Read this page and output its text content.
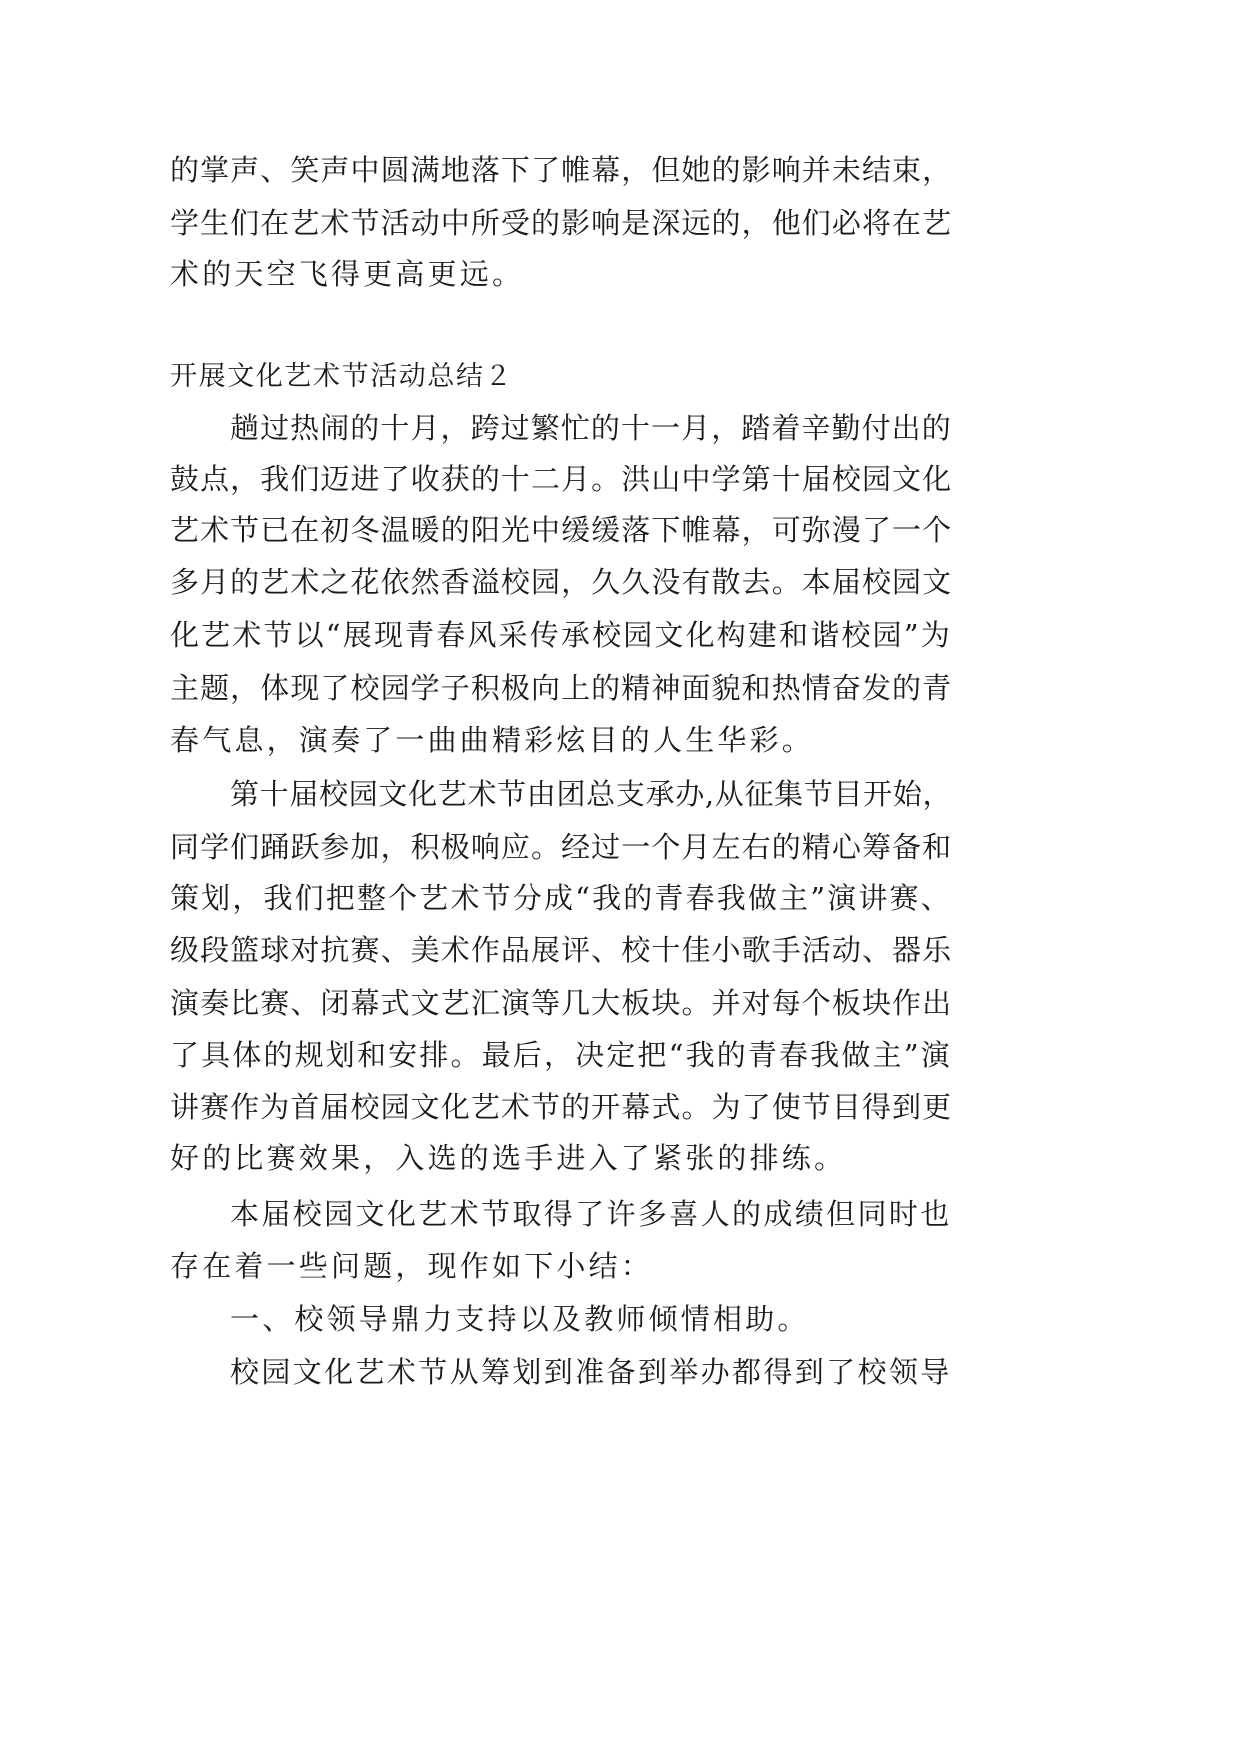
的掌声、笑声中圆满地落下了帷幕，但她的影响并未结束，
学生们在艺术节活动中所受的影响是深远的，他们必将在艺
术的天空飞得更高更远。
开展文化艺术节活动总结２
趟过热闹的十月，跨过繁忙的十一月，踏着辛勤付出的
鼓点，我们迈进了收获的十二月。洪山中学第十届校园文化
艺术节已在初冬温暖的阳光中缓缓落下帷幕，可弥漫了一个
多月的艺术之花依然香溢校园，久久没有散去。本届校园文
化艺术节以“展现青春风采传承校园文化构建和谐校园”为
主题，体现了校园学子积极向上的精神面貌和热情奋发的青
春气息，演奏了一曲曲精彩炫目的人生华彩。
第十届校园文化艺术节由团总支承办,从征集节目开始，
同学们踊跃参加，积极响应。经过一个月左右的精心筹备和
策划，我们把整个艺术节分成“我的青春我做主”演讲赛、
级段篮球对抗赛、美术作品展评、校十佳小歌手活动、器乐
演奏比赛、闭幕式文艺汇演等几大板块。并对每个板块作出
了具体的规划和安排。最后，决定把“我的青春我做主”演
讲赛作为首届校园文化艺术节的开幕式。为了使节目得到更
好的比赛效果，入选的选手进入了紧张的排练。
本届校园文化艺术节取得了许多喜人的成绩但同时也
存在着一些问题，现作如下小结：
一、校领导鼎力支持以及教师倾情相助。
校园文化艺术节从筹划到准备到举办都得到了校领导
